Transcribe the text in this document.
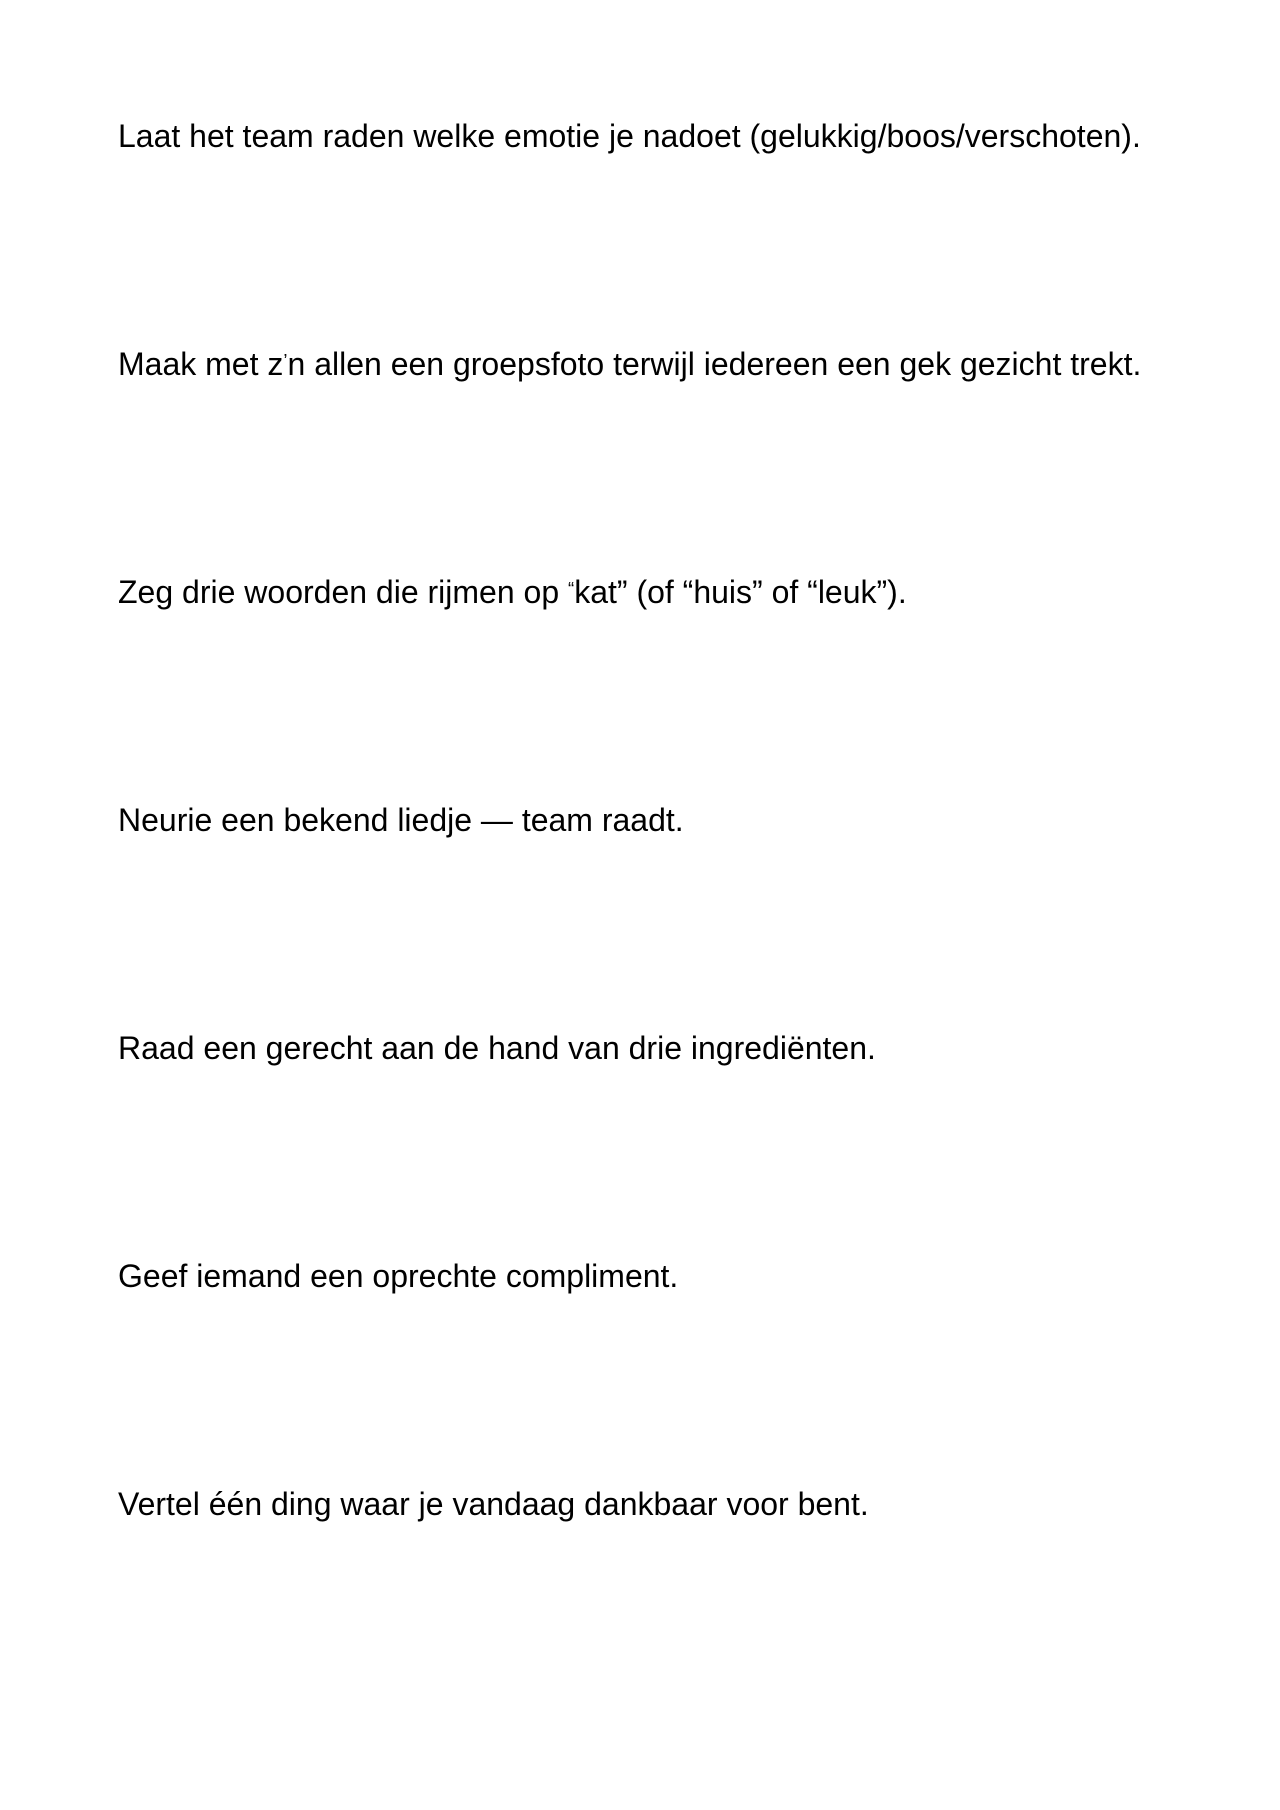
Laat het team raden welke emotie je nadoet (gelukkig/boos/verschoten).

Maak met z’n allen een groepsfoto terwijl iedereen een gek gezicht trekt.

Zeg drie woorden die rijmen op “kat” (of “huis” of “leuk”).

Neurie een bekend liedje — team raadt.

Raad een gerecht aan de hand van drie ingrediënten.

Geef iemand een oprechte compliment.

Vertel één ding waar je vandaag dankbaar voor bent.
